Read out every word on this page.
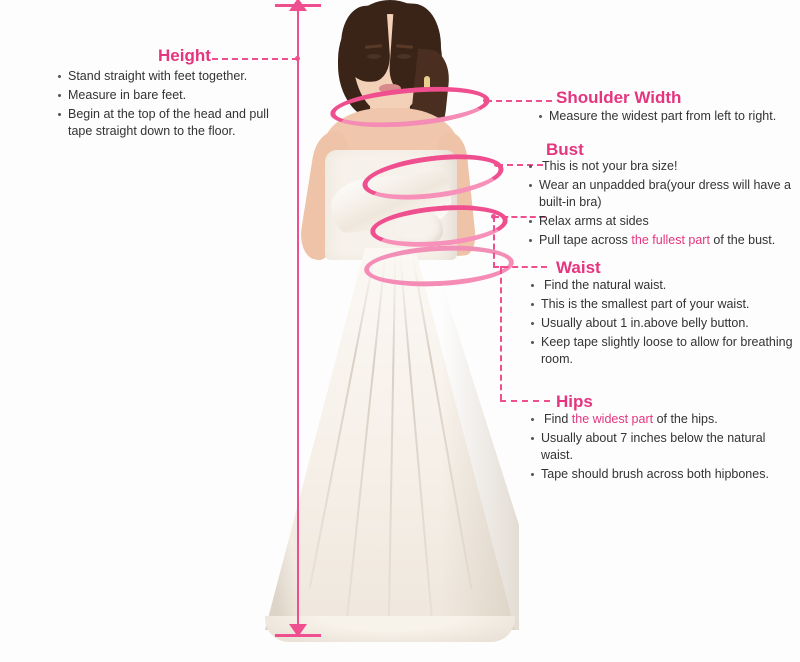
Height
Stand straight with feet together.
Measure in bare feet.
Begin at the top of the head and pull tape straight down to the floor.
Shoulder Width
Measure the widest part from left to right.
Bust
This is not your bra size!
Wear an unpadded bra(your dress will have a built-in bra)
Relax arms at sides
Pull tape across the fullest part of the bust.
Waist
Find the natural waist.
This is the smallest part of your waist.
Usually about 1 in.above belly button.
Keep tape slightly loose to allow for breathing room.
Hips
Find the widest part of the hips.
Usually about 7 inches below the natural waist.
Tape should brush across both hipbones.
